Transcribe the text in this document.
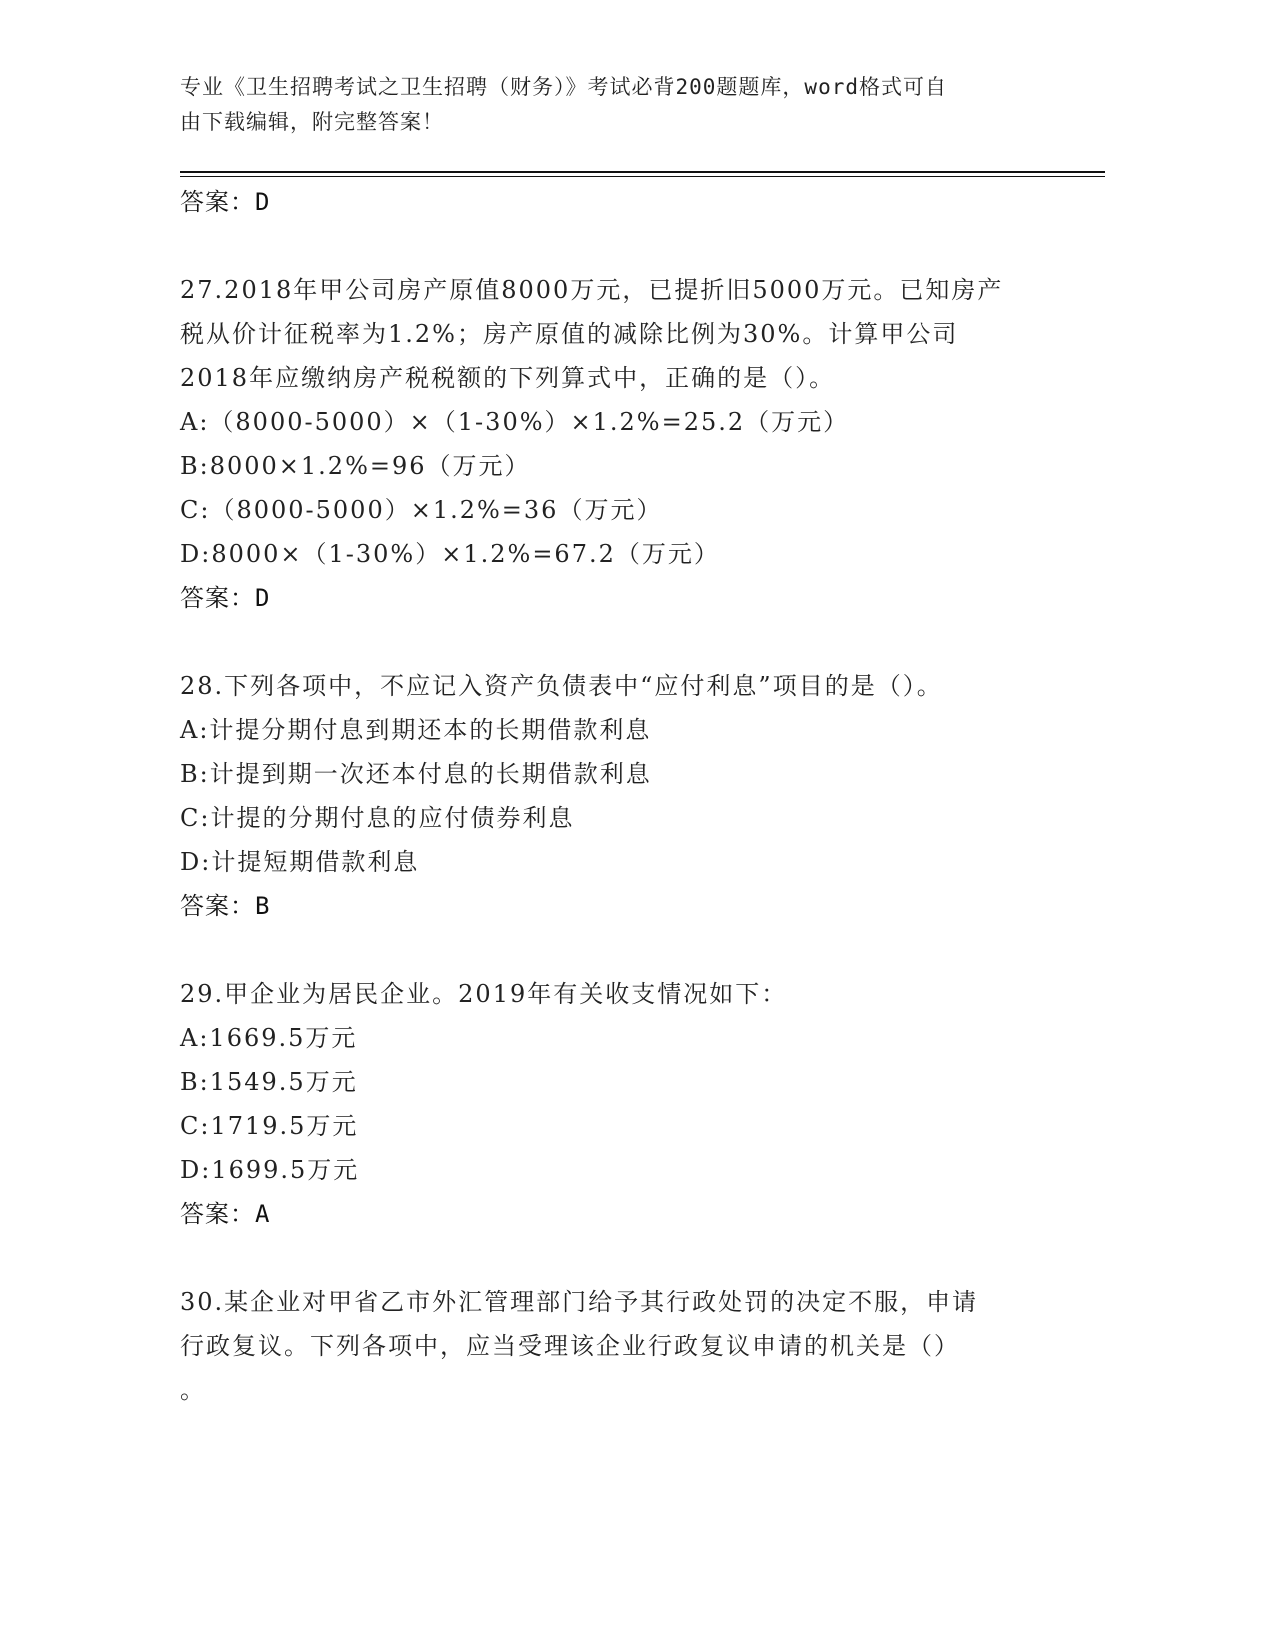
专业《卫生招聘考试之卫生招聘（财务）》考试必背200题题库，word格式可自
由下载编辑，附完整答案！
答案：D
27.2018年甲公司房产原值8000万元，已提折旧5000万元。已知房产
税从价计征税率为1.2%；房产原值的减除比例为30%。计算甲公司
2018年应缴纳房产税税额的下列算式中，正确的是（）。
A:（8000-5000）×（1-30%）×1.2%=25.2（万元）
B:8000×1.2%=96（万元）
C:（8000-5000）×1.2%=36（万元）
D:8000×（1-30%）×1.2%=67.2（万元）
答案：D
28.下列各项中，不应记入资产负债表中“应付利息”项目的是（）。
A:计提分期付息到期还本的长期借款利息
B:计提到期一次还本付息的长期借款利息
C:计提的分期付息的应付债券利息
D:计提短期借款利息
答案：B
29.甲企业为居民企业。2019年有关收支情况如下：
A:1669.5万元
B:1549.5万元
C:1719.5万元
D:1699.5万元
答案：A
30.某企业对甲省乙市外汇管理部门给予其行政处罚的决定不服，申请
行政复议。下列各项中，应当受理该企业行政复议申请的机关是（）
。
